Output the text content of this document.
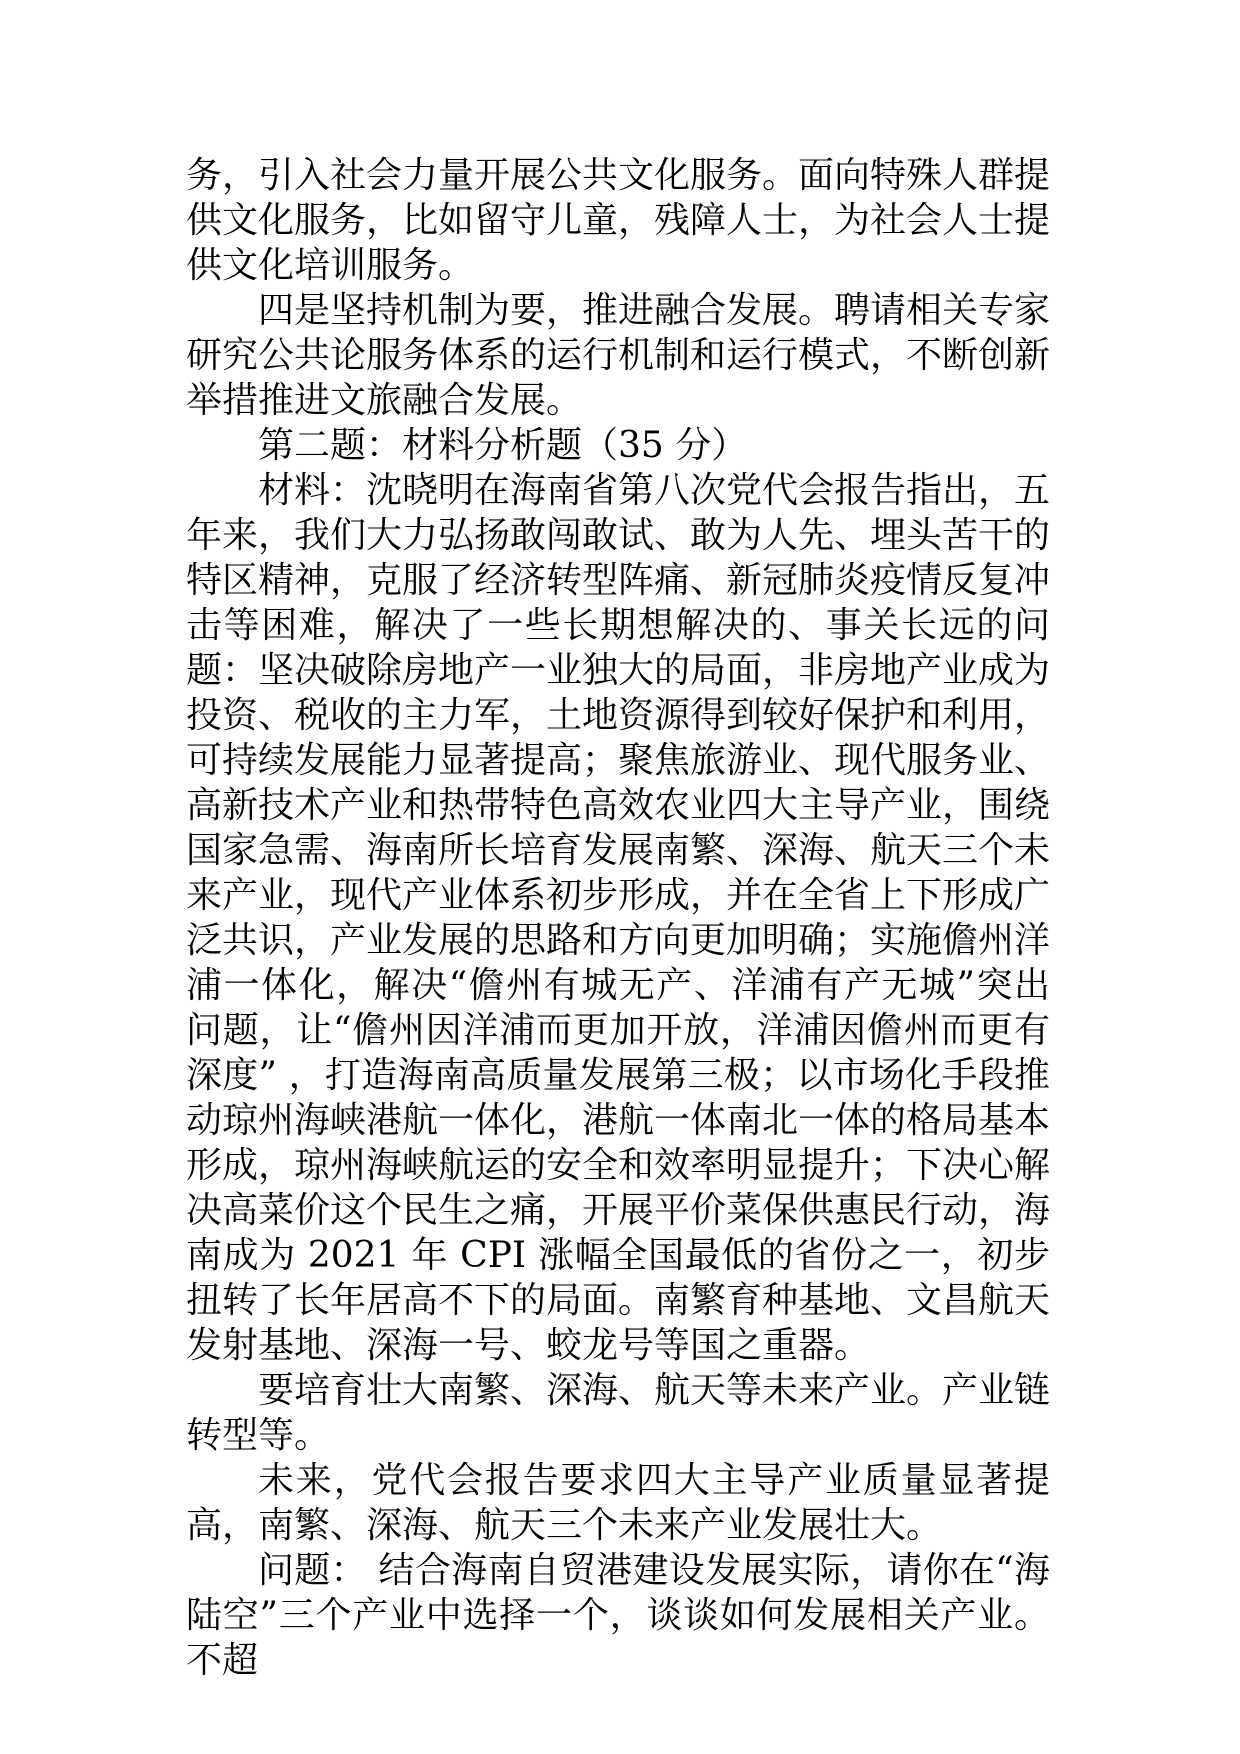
务，引入社会力量开展公共文化服务。面向特殊人群提供文化服务，比如留守儿童，残障人士，为社会人士提供文化培训服务。

四是坚持机制为要，推进融合发展。聘请相关专家研究公共论服务体系的运行机制和运行模式，不断创新举措推进文旅融合发展。

第二题：材料分析题（35 分）

材料：沈晓明在海南省第八次党代会报告指出，五年来，我们大力弘扬敢闯敢试、敢为人先、埋头苦干的特区精神，克服了经济转型阵痛、新冠肺炎疫情反复冲击等困难，解决了一些长期想解决的、事关长远的问题：坚决破除房地产一业独大的局面，非房地产业成为投资、税收的主力军，土地资源得到较好保护和利用，可持续发展能力显著提高；聚焦旅游业、现代服务业、高新技术产业和热带特色高效农业四大主导产业，围绕国家急需、海南所长培育发展南繁、深海、航天三个未来产业，现代产业体系初步形成，并在全省上下形成广泛共识，产业发展的思路和方向更加明确；实施儋州洋浦一体化，解决“儋州有城无产、洋浦有产无城”突出问题，让“儋州因洋浦而更加开放，洋浦因儋州而更有深度” ，打造海南高质量发展第三极；以市场化手段推动琼州海峡港航一体化，港航一体南北一体的格局基本形成，琼州海峡航运的安全和效率明显提升；下决心解决高菜价这个民生之痛，开展平价菜保供惠民行动，海南成为 2021 年 CPI 涨幅全国最低的省份之一，初步扭转了长年居高不下的局面。南繁育种基地、文昌航天发射基地、深海一号、蛟龙号等国之重器。

要培育壮大南繁、深海、航天等未来产业。产业链转型等。

未来，党代会报告要求四大主导产业质量显著提高，南繁、深海、航天三个未来产业发展壮大。

问题： 结合海南自贸港建设发展实际，请你在“海陆空”三个产业中选择一个，谈谈如何发展相关产业。不超
